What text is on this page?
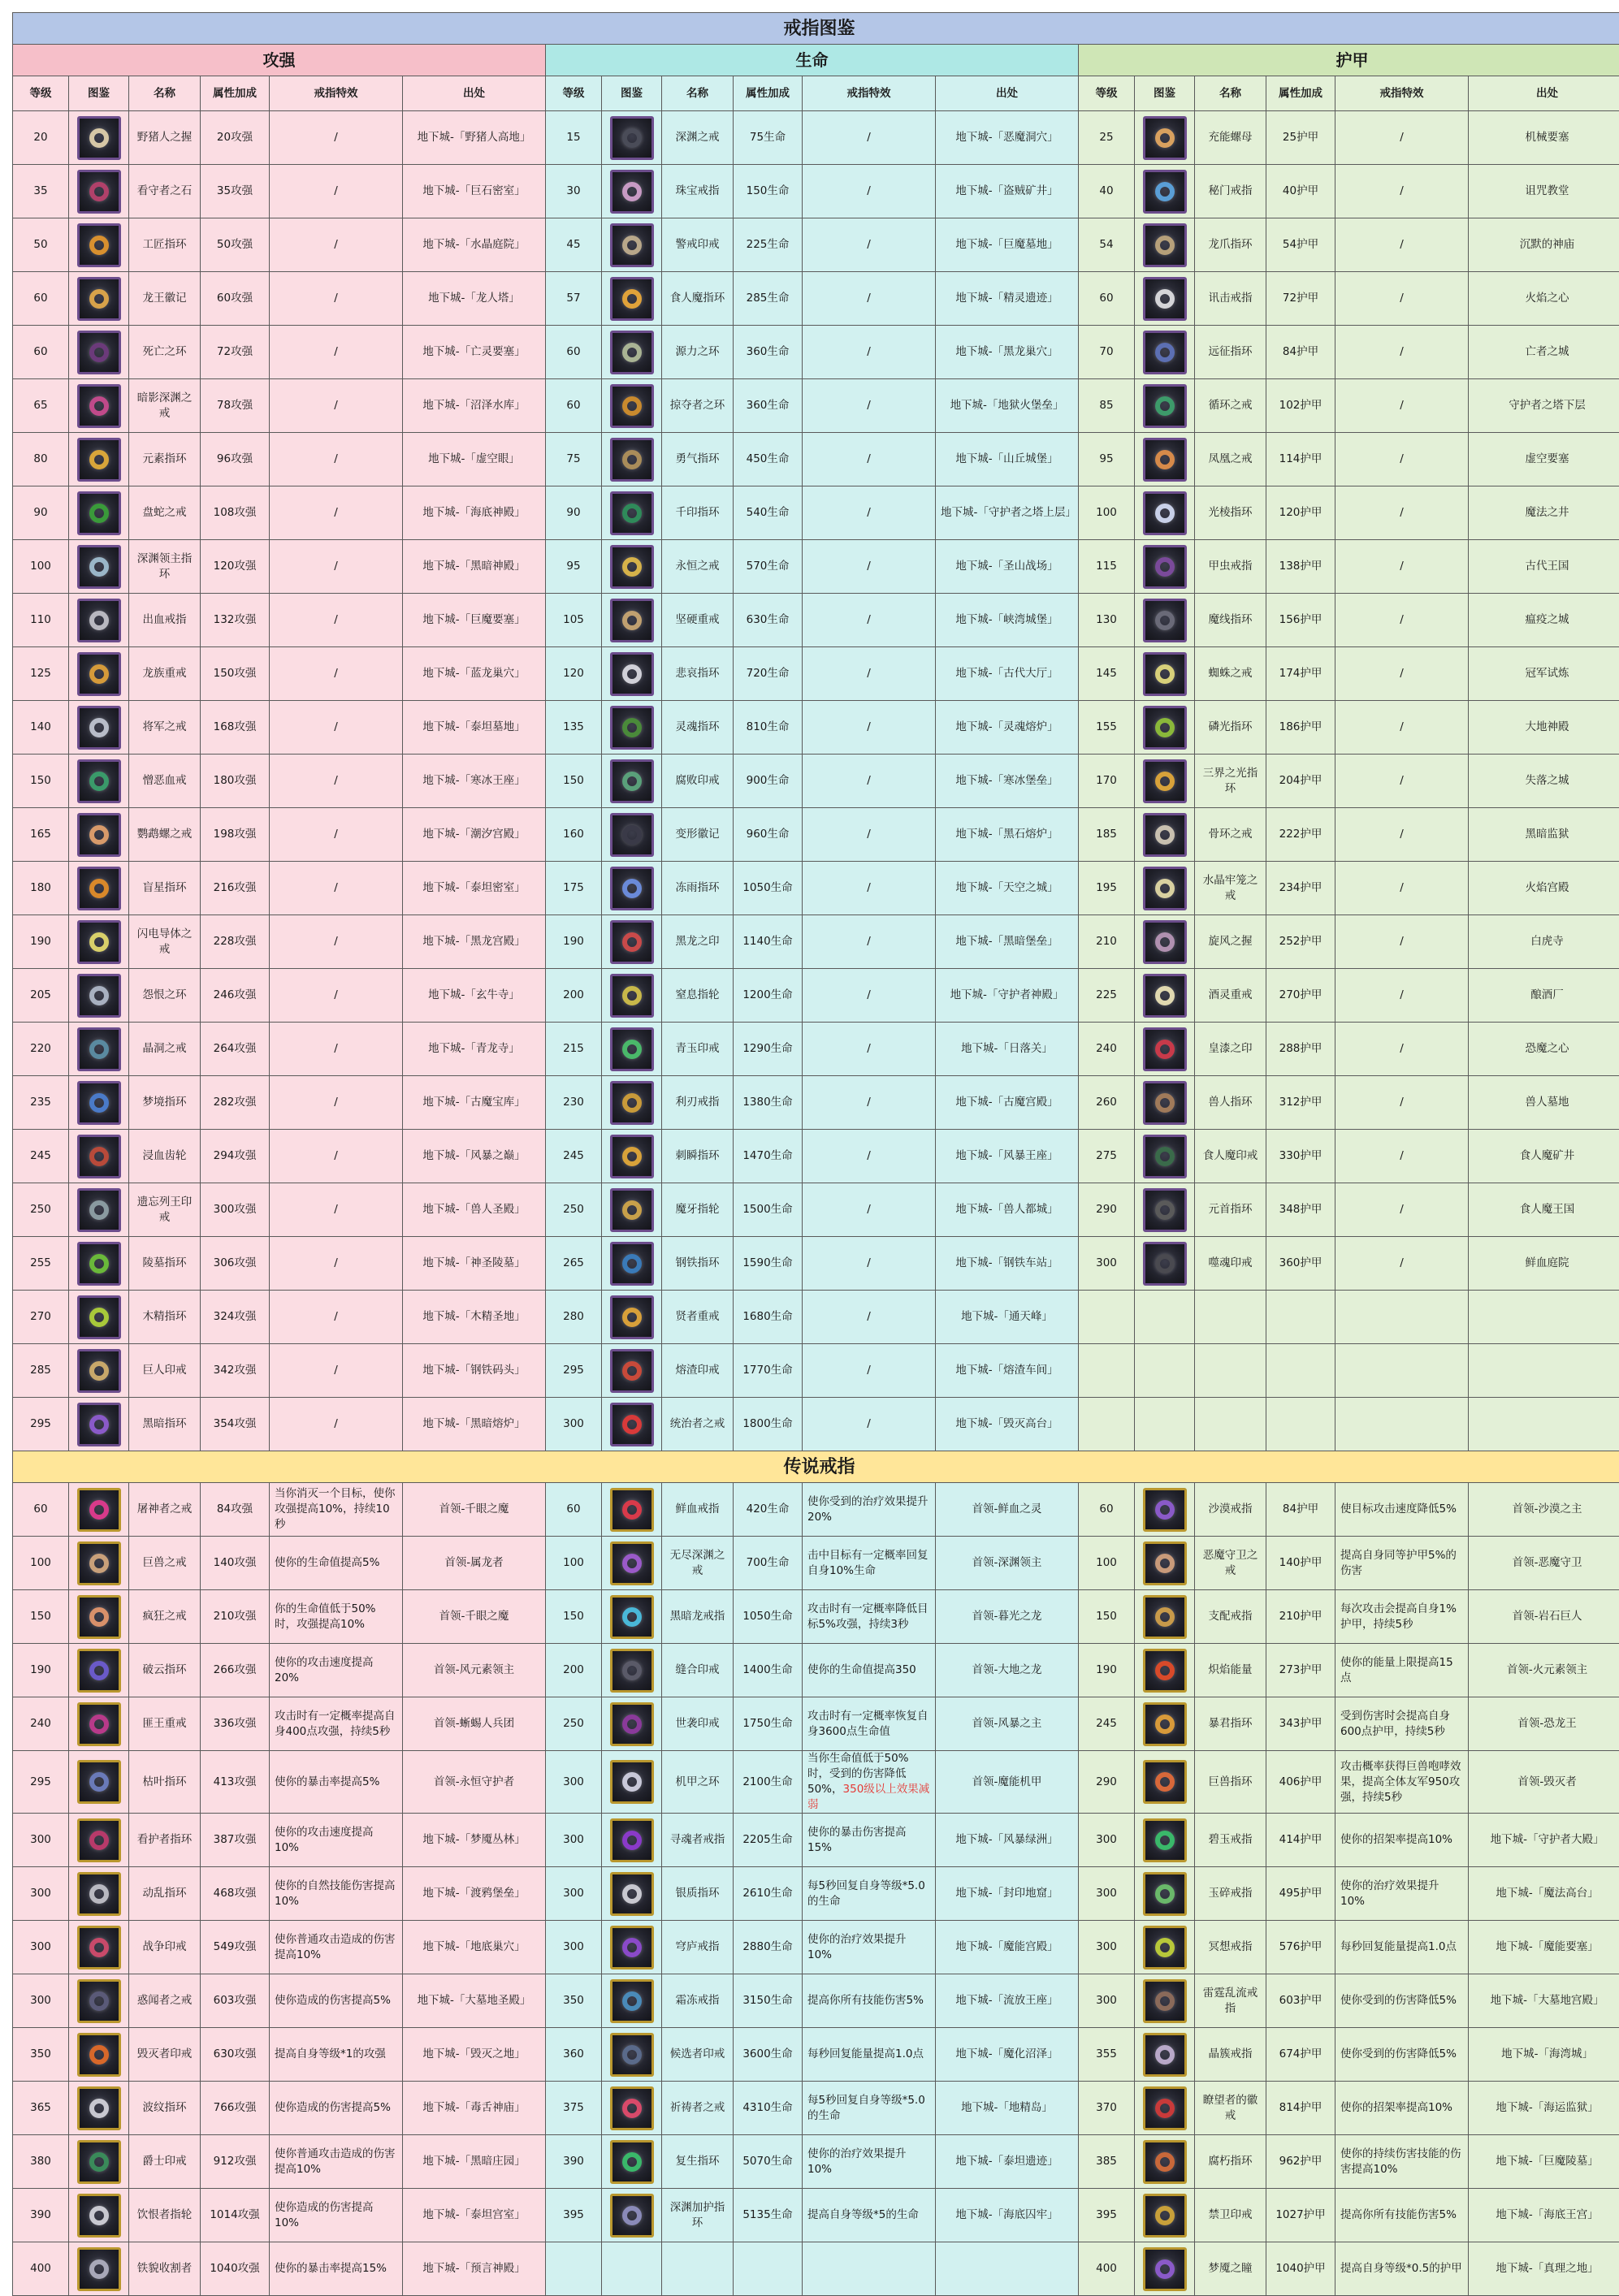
戒指图鉴																	
攻强						生命						护甲					
等级	图鉴	名称	属性加成	戒指特效	出处	等级	图鉴	名称	属性加成	戒指特效	出处	等级	图鉴	名称	属性加成	戒指特效	出处
20		野猪人之握	20攻强	/	地下城-「野猪人高地」	15		深渊之戒	75生命	/	地下城-「恶魔洞穴」	25		充能螺母	25护甲	/	机械要塞
35		看守者之石	35攻强	/	地下城-「巨石密室」	30		珠宝戒指	150生命	/	地下城-「盗贼矿井」	40		秘门戒指	40护甲	/	诅咒教堂
50		工匠指环	50攻强	/	地下城-「水晶庭院」	45		警戒印戒	225生命	/	地下城-「巨魔墓地」	54		龙爪指环	54护甲	/	沉默的神庙
60		龙王徽记	60攻强	/	地下城-「龙人塔」	57		食人魔指环	285生命	/	地下城-「精灵遗迹」	60		讯击戒指	72护甲	/	火焰之心
60		死亡之环	72攻强	/	地下城-「亡灵要塞」	60		源力之环	360生命	/	地下城-「黑龙巢穴」	70		远征指环	84护甲	/	亡者之城
65		暗影深渊之戒	78攻强	/	地下城-「沼泽水库」	60		掠夺者之环	360生命	/	地下城-「地狱火堡垒」	85		循环之戒	102护甲	/	守护者之塔下层
80		元素指环	96攻强	/	地下城-「虚空眼」	75		勇气指环	450生命	/	地下城-「山丘城堡」	95		凤凰之戒	114护甲	/	虚空要塞
90		盘蛇之戒	108攻强	/	地下城-「海底神殿」	90		千印指环	540生命	/	地下城-「守护者之塔上层」	100		光棱指环	120护甲	/	魔法之井
100		深渊领主指环	120攻强	/	地下城-「黑暗神殿」	95		永恒之戒	570生命	/	地下城-「圣山战场」	115		甲虫戒指	138护甲	/	古代王国
110		出血戒指	132攻强	/	地下城-「巨魔要塞」	105		坚硬重戒	630生命	/	地下城-「峡湾城堡」	130		魔线指环	156护甲	/	瘟疫之城
125		龙族重戒	150攻强	/	地下城-「蓝龙巢穴」	120		悲哀指环	720生命	/	地下城-「古代大厅」	145		蜘蛛之戒	174护甲	/	冠军试炼
140		将军之戒	168攻强	/	地下城-「泰坦墓地」	135		灵魂指环	810生命	/	地下城-「灵魂熔炉」	155		磷光指环	186护甲	/	大地神殿
150		憎恶血戒	180攻强	/	地下城-「寒冰王座」	150		腐败印戒	900生命	/	地下城-「寒冰堡垒」	170		三界之光指环	204护甲	/	失落之城
165		鹦鹉螺之戒	198攻强	/	地下城-「潮汐宫殿」	160		变形徽记	960生命	/	地下城-「黑石熔炉」	185		骨环之戒	222护甲	/	黑暗监狱
180		盲星指环	216攻强	/	地下城-「泰坦密室」	175		冻雨指环	1050生命	/	地下城-「天空之城」	195		水晶牢笼之戒	234护甲	/	火焰宫殿
190		闪电导体之戒	228攻强	/	地下城-「黑龙宫殿」	190		黑龙之印	1140生命	/	地下城-「黑暗堡垒」	210		旋风之握	252护甲	/	白虎寺
205		怨恨之环	246攻强	/	地下城-「玄牛寺」	200		窒息指轮	1200生命	/	地下城-「守护者神殿」	225		酒灵重戒	270护甲	/	酿酒厂
220		晶洞之戒	264攻强	/	地下城-「青龙寺」	215		青玉印戒	1290生命	/	地下城-「日落关」	240		皇漆之印	288护甲	/	恐魔之心
235		梦境指环	282攻强	/	地下城-「古魔宝库」	230		利刃戒指	1380生命	/	地下城-「古魔宫殿」	260		兽人指环	312护甲	/	兽人墓地
245		浸血齿轮	294攻强	/	地下城-「风暴之巅」	245		刺瞬指环	1470生命	/	地下城-「风暴王座」	275		食人魔印戒	330护甲	/	食人魔矿井
250		遗忘列王印戒	300攻强	/	地下城-「兽人圣殿」	250		魔牙指轮	1500生命	/	地下城-「兽人都城」	290		元首指环	348护甲	/	食人魔王国
255		陵墓指环	306攻强	/	地下城-「神圣陵墓」	265		钢铁指环	1590生命	/	地下城-「钢铁车站」	300		噬魂印戒	360护甲	/	鲜血庭院
270		木精指环	324攻强	/	地下城-「木精圣地」	280		贤者重戒	1680生命	/	地下城-「通天峰」						
285		巨人印戒	342攻强	/	地下城-「钢铁码头」	295		熔渣印戒	1770生命	/	地下城-「熔渣车间」						
295		黑暗指环	354攻强	/	地下城-「黑暗熔炉」	300		统治者之戒	1800生命	/	地下城-「毁灭高台」						
传说戒指																	
60		屠神者之戒	84攻强	当你消灭一个目标，使你攻强提高10%，持续10秒	首领-千眼之魔	60		鲜血戒指	420生命	使你受到的治疗效果提升20%	首领-鲜血之灵	60		沙漠戒指	84护甲	使目标攻击速度降低5%	首领-沙漠之主
100		巨兽之戒	140攻强	使你的生命值提高5%	首领-属龙者	100		无尽深渊之戒	700生命	击中目标有一定概率回复自身10%生命	首领-深渊领主	100		恶魔守卫之戒	140护甲	提高自身同等护甲5%的伤害	首领-恶魔守卫
150		疯狂之戒	210攻强	你的生命值低于50%时，攻强提高10%	首领-千眼之魔	150		黑暗龙戒指	1050生命	攻击时有一定概率降低目标5%攻强，持续3秒	首领-暮光之龙	150		支配戒指	210护甲	每次攻击会提高自身1%护甲，持续5秒	首领-岩石巨人
190		破云指环	266攻强	使你的攻击速度提高20%	首领-风元素领主	200		缝合印戒	1400生命	使你的生命值提高350	首领-大地之龙	190		炽焰能量	273护甲	使你的能量上限提高15点	首领-火元素领主
240		匪王重戒	336攻强	攻击时有一定概率提高自身400点攻强，持续5秒	首领-蜥蜴人兵团	250		世袭印戒	1750生命	攻击时有一定概率恢复自身3600点生命值	首领-风暴之主	245		暴君指环	343护甲	受到伤害时会提高自身600点护甲，持续5秒	首领-恐龙王
295		枯叶指环	413攻强	使你的暴击率提高5%	首领-永恒守护者	300		机甲之环	2100生命	当你生命值低于50%时，受到的伤害降低50%，350级以上效果减弱	首领-魔能机甲	290		巨兽指环	406护甲	攻击概率获得巨兽咆哮效果，提高全体友军950攻强，持续5秒	首领-毁灭者
300		看护者指环	387攻强	使你的攻击速度提高10%	地下城-「梦魇丛林」	300		寻魂者戒指	2205生命	使你的暴击伤害提高15%	地下城-「风暴绿洲」	300		碧玉戒指	414护甲	使你的招架率提高10%	地下城-「守护者大殿」
300		动乱指环	468攻强	使你的自然技能伤害提高10%	地下城-「渡鸦堡垒」	300		银质指环	2610生命	每5秒回复自身等级*5.0的生命	地下城-「封印地窟」	300		玉碎戒指	495护甲	使你的治疗效果提升10%	地下城-「魔法高台」
300		战争印戒	549攻强	使你普通攻击造成的伤害提高10%	地下城-「地底巢穴」	300		穹庐戒指	2880生命	使你的治疗效果提升10%	地下城-「魔能宫殿」	300		冥想戒指	576护甲	每秒回复能量提高1.0点	地下城-「魔能要塞」
300		惑闻者之戒	603攻强	使你造成的伤害提高5%	地下城-「大墓地圣殿」	350		霜冻戒指	3150生命	提高你所有技能伤害5%	地下城-「流放王座」	300		雷霆乱流戒指	603护甲	使你受到的伤害降低5%	地下城-「大墓地宫殿」
350		毁灭者印戒	630攻强	提高自身等级*1的攻强	地下城-「毁灭之地」	360		候选者印戒	3600生命	每秒回复能量提高1.0点	地下城-「魔化沼泽」	355		晶簇戒指	674护甲	使你受到的伤害降低5%	地下城-「海湾城」
365		波纹指环	766攻强	使你造成的伤害提高5%	地下城-「毒舌神庙」	375		祈祷者之戒	4310生命	每5秒回复自身等级*5.0的生命	地下城-「地精岛」	370		瞭望者的徽戒	814护甲	使你的招架率提高10%	地下城-「海运监狱」
380		爵士印戒	912攻强	使你普通攻击造成的伤害提高10%	地下城-「黑暗庄园」	390		复生指环	5070生命	使你的治疗效果提升10%	地下城-「泰坦遗迹」	385		腐朽指环	962护甲	使你的持续伤害技能的伤害提高10%	地下城-「巨魔陵墓」
390		饮恨者指轮	1014攻强	使你造成的伤害提高10%	地下城-「泰坦宫室」	395		深渊加护指环	5135生命	提高自身等级*5的生命	地下城-「海底囚牢」	395		禁卫印戒	1027护甲	提高你所有技能伤害5%	地下城-「海底王宫」
400		铁貌收割者	1040攻强	使你的暴击率提高15%	地下城-「预言神殿」							400		梦魇之瞳	1040护甲	提高自身等级*0.5的护甲	地下城-「真理之地」
